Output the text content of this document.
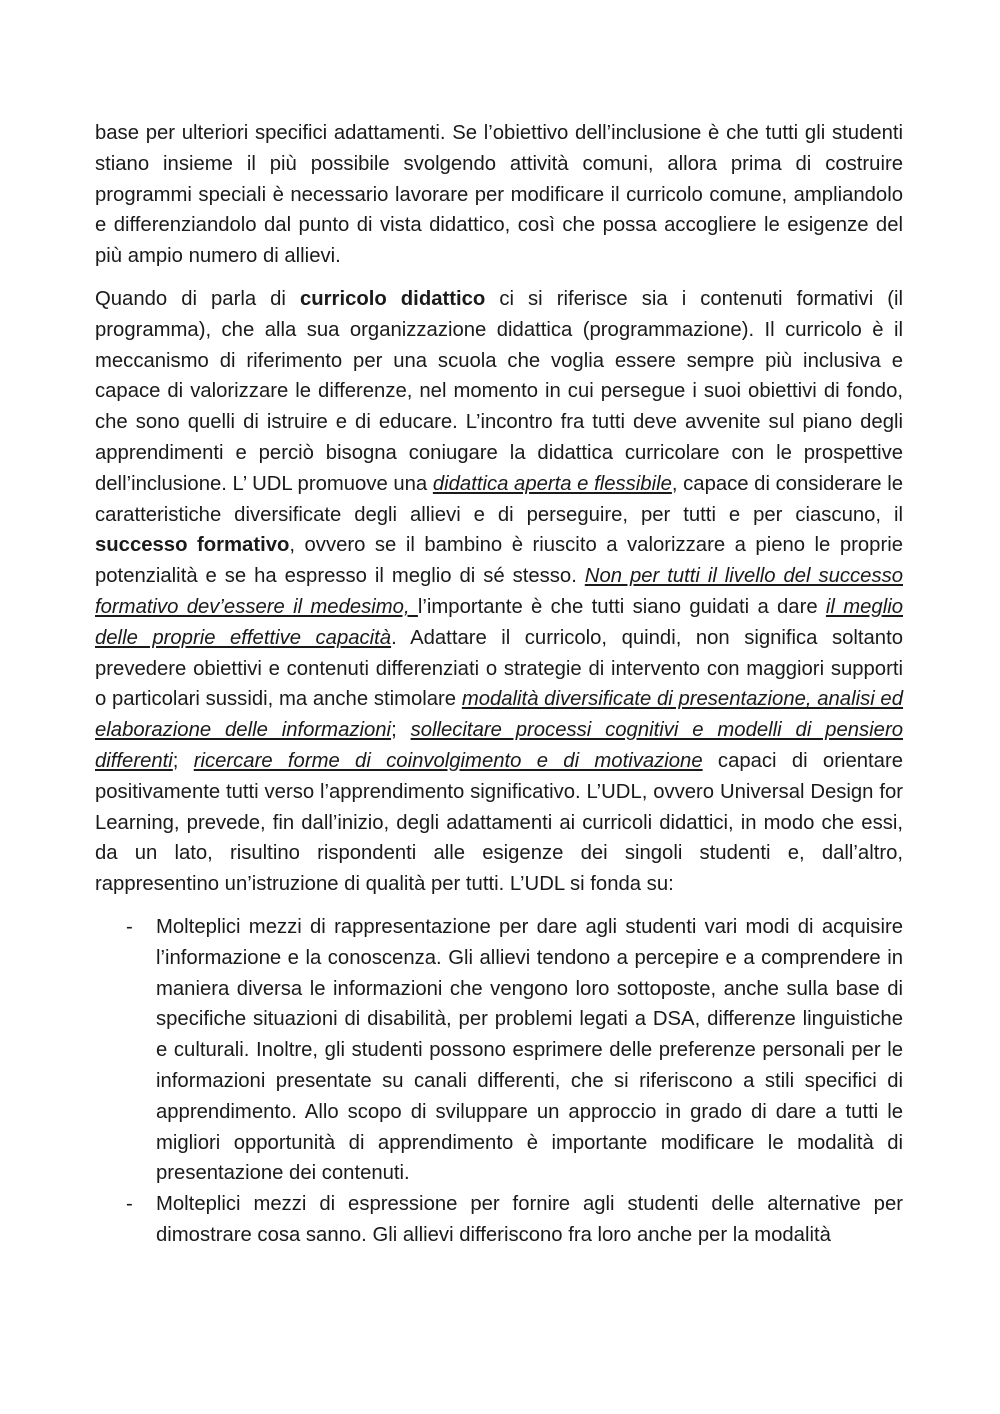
base per ulteriori specifici adattamenti. Se l’obiettivo dell’inclusione è che tutti gli studenti stiano insieme il più possibile svolgendo attività comuni, allora prima di costruire programmi speciali è necessario lavorare per modificare il curricolo comune, ampliandolo e differenziandolo dal punto di vista didattico, così che possa accogliere le esigenze del più ampio numero di allievi.

Quando di parla di curricolo didattico ci si riferisce sia i contenuti formativi (il programma), che alla sua organizzazione didattica (programmazione). Il curricolo è il meccanismo di riferimento per una scuola che voglia essere sempre più inclusiva e capace di valorizzare le differenze, nel momento in cui persegue i suoi obiettivi di fondo, che sono quelli di istruire e di educare. L’incontro fra tutti deve avvenite sul piano degli apprendimenti e perciò bisogna coniugare la didattica curricolare con le prospettive dell’inclusione. L’ UDL promuove una didattica aperta e flessibile, capace di considerare le caratteristiche diversificate degli allievi e di perseguire, per tutti e per ciascuno, il successo formativo, ovvero se il bambino è riuscito a valorizzare a pieno le proprie potenzialità e se ha espresso il meglio di sé stesso. Non per tutti il livello del successo formativo dev’essere il medesimo, l’importante è che tutti siano guidati a dare il meglio delle proprie effettive capacità. Adattare il curricolo, quindi, non significa soltanto prevedere obiettivi e contenuti differenziati o strategie di intervento con maggiori supporti o particolari sussidi, ma anche stimolare modalità diversificate di presentazione, analisi ed elaborazione delle informazioni; sollecitare processi cognitivi e modelli di pensiero differenti; ricercare forme di coinvolgimento e di motivazione capaci di orientare positivamente tutti verso l’apprendimento significativo. L’UDL, ovvero Universal Design for Learning, prevede, fin dall’inizio, degli adattamenti ai curricoli didattici, in modo che essi, da un lato, risultino rispondenti alle esigenze dei singoli studenti e, dall’altro, rappresentino un’istruzione di qualità per tutti. L’UDL si fonda su:

- Molteplici mezzi di rappresentazione per dare agli studenti vari modi di acquisire l’informazione e la conoscenza. Gli allievi tendono a percepire e a comprendere in maniera diversa le informazioni che vengono loro sottoposte, anche sulla base di specifiche situazioni di disabilità, per problemi legati a DSA, differenze linguistiche e culturali. Inoltre, gli studenti possono esprimere delle preferenze personali per le informazioni presentate su canali differenti, che si riferiscono a stili specifici di apprendimento. Allo scopo di sviluppare un approccio in grado di dare a tutti le migliori opportunità di apprendimento è importante modificare le modalità di presentazione dei contenuti.
- Molteplici mezzi di espressione per fornire agli studenti delle alternative per dimostrare cosa sanno. Gli allievi differiscono fra loro anche per la modalità
